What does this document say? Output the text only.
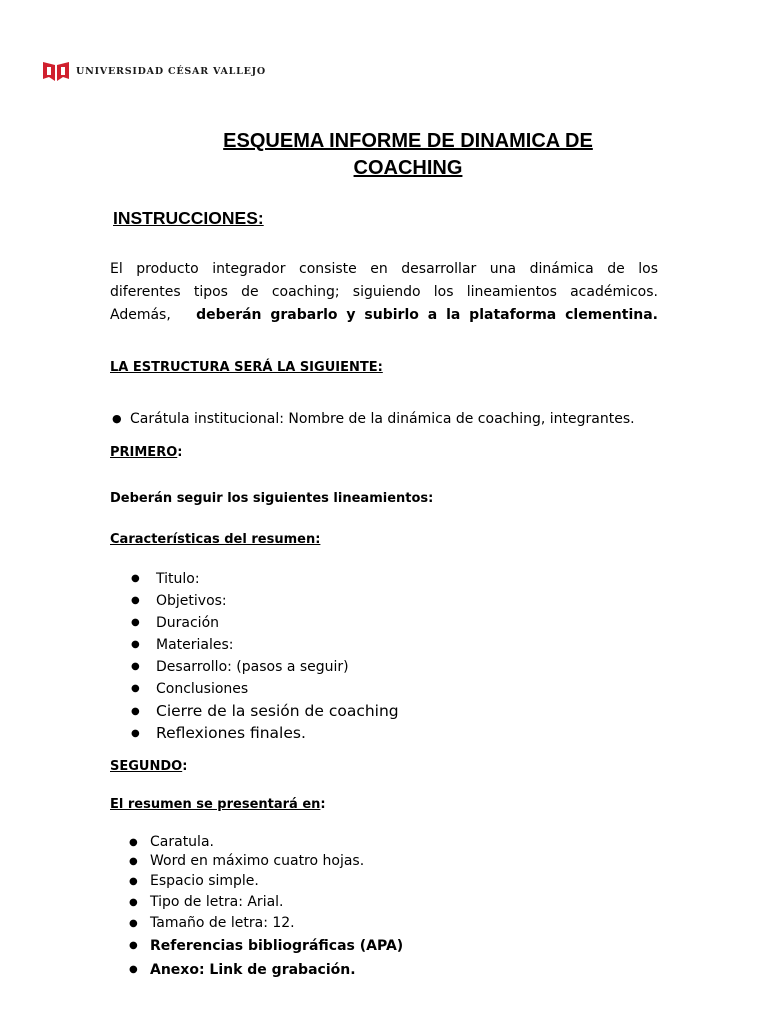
UNIVERSIDAD CÉSAR VALLEJO
ESQUEMA INFORME DE DINAMICA DE
COACHING
INSTRUCCIONES:
El producto integrador consiste en desarrollar una dinámica de los
diferentes tipos de coaching; siguiendo los lineamientos académicos.
Además, deberán grabarlo y subirlo a la plataforma clementina.
LA ESTRUCTURA SERÁ LA SIGUIENTE:
● Carátula institucional: Nombre de la dinámica de coaching, integrantes.
PRIMERO:
Deberán seguir los siguientes lineamientos:
Características del resumen:
● Titulo:
● Objetivos:
● Duración
● Materiales:
● Desarrollo: (pasos a seguir)
● Conclusiones
● Cierre de la sesión de coaching
● Reflexiones finales.
SEGUNDO:
El resumen se presentará en:
● Caratula.
● Word en máximo cuatro hojas.
● Espacio simple.
● Tipo de letra: Arial.
● Tamaño de letra: 12.
● Referencias bibliográficas (APA)
● Anexo: Link de grabación.
